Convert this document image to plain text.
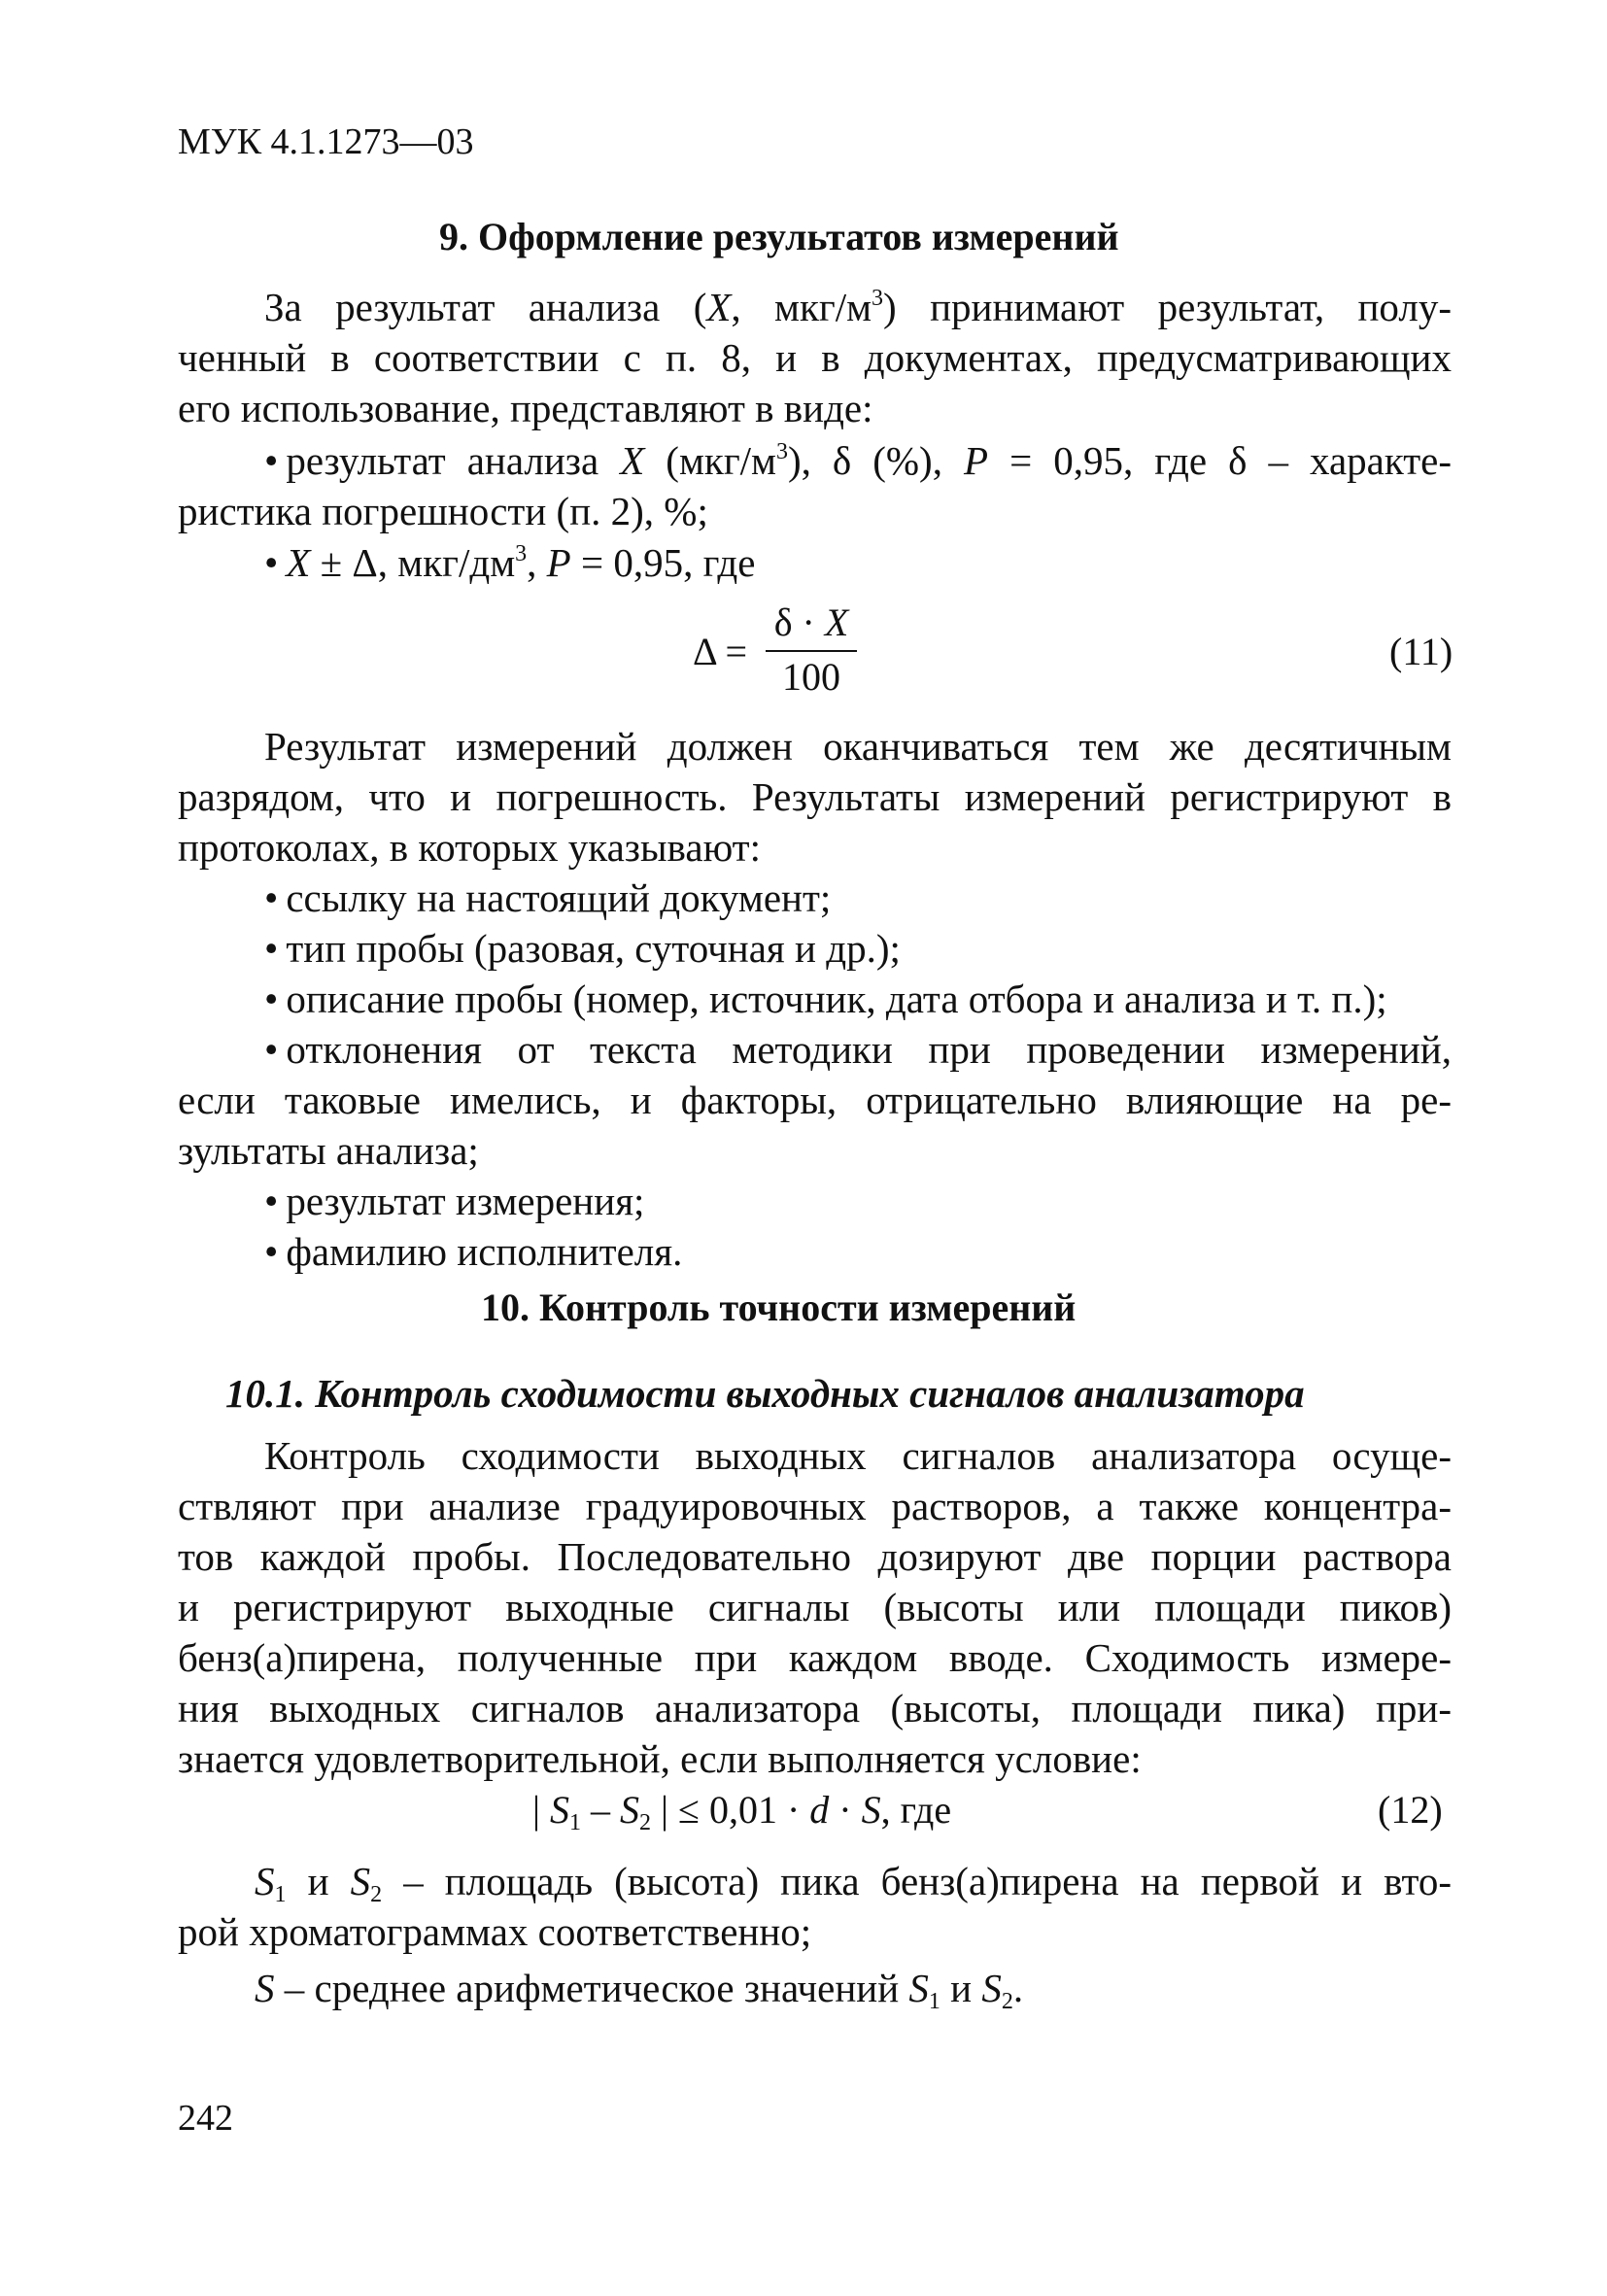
МУК 4.1.1273—03
9. Оформление результатов измерений
За результат анализа (X, мкг/$м^3$) принимают результат, полу-
ченный в соответствии с п. 8, и в документах, предусматривающих
его использование, представляют в виде:
• результат анализа X $(мкг/м^3)$, δ (%), P = 0,95, где δ – характе-
ристика погрешности (п. 2), %;
• X ± Δ, мкг/$дм^3$, P = 0,95, где
Δ =
δ · X
100
(11)
Результат измерений должен оканчиваться тем же десятичным
разрядом, что и погрешность. Результаты измерений регистрируют в
протоколах, в которых указывают:
• ссылку на настоящий документ;
• тип пробы (разовая, суточная и др.);
• описание пробы (номер, источник, дата отбора и анализа и т. п.);
• отклонения от текста методики при проведении измерений,
если таковые имелись, и факторы, отрицательно влияющие на ре-
зультаты анализа;
• результат измерения;
• фамилию исполнителя.
10. Контроль точности измерений
10.1. Контроль сходимости выходных сигналов анализатора
Контроль сходимости выходных сигналов анализатора осуще-
ствляют при анализе градуировочных растворов, а также концентра-
тов каждой пробы. Последовательно дозируют две порции раствора
и регистрируют выходные сигналы (высоты или площади пиков)
бенз(а)пирена, полученные при каждом вводе. Сходимость измере-
ния выходных сигналов анализатора (высоты, площади пика) при-
знается удовлетворительной, если выполняется условие:
| $S_1 - S_2$ | ≤ 0,01 · d · S, где	(12)
$S_1$ и $S_2$ – площадь (высота) пика бенз(а)пирена на первой и вто-
рой хроматограммах соответственно;
S – среднее арифметическое значений $S_1$ и $S_2$.
242
